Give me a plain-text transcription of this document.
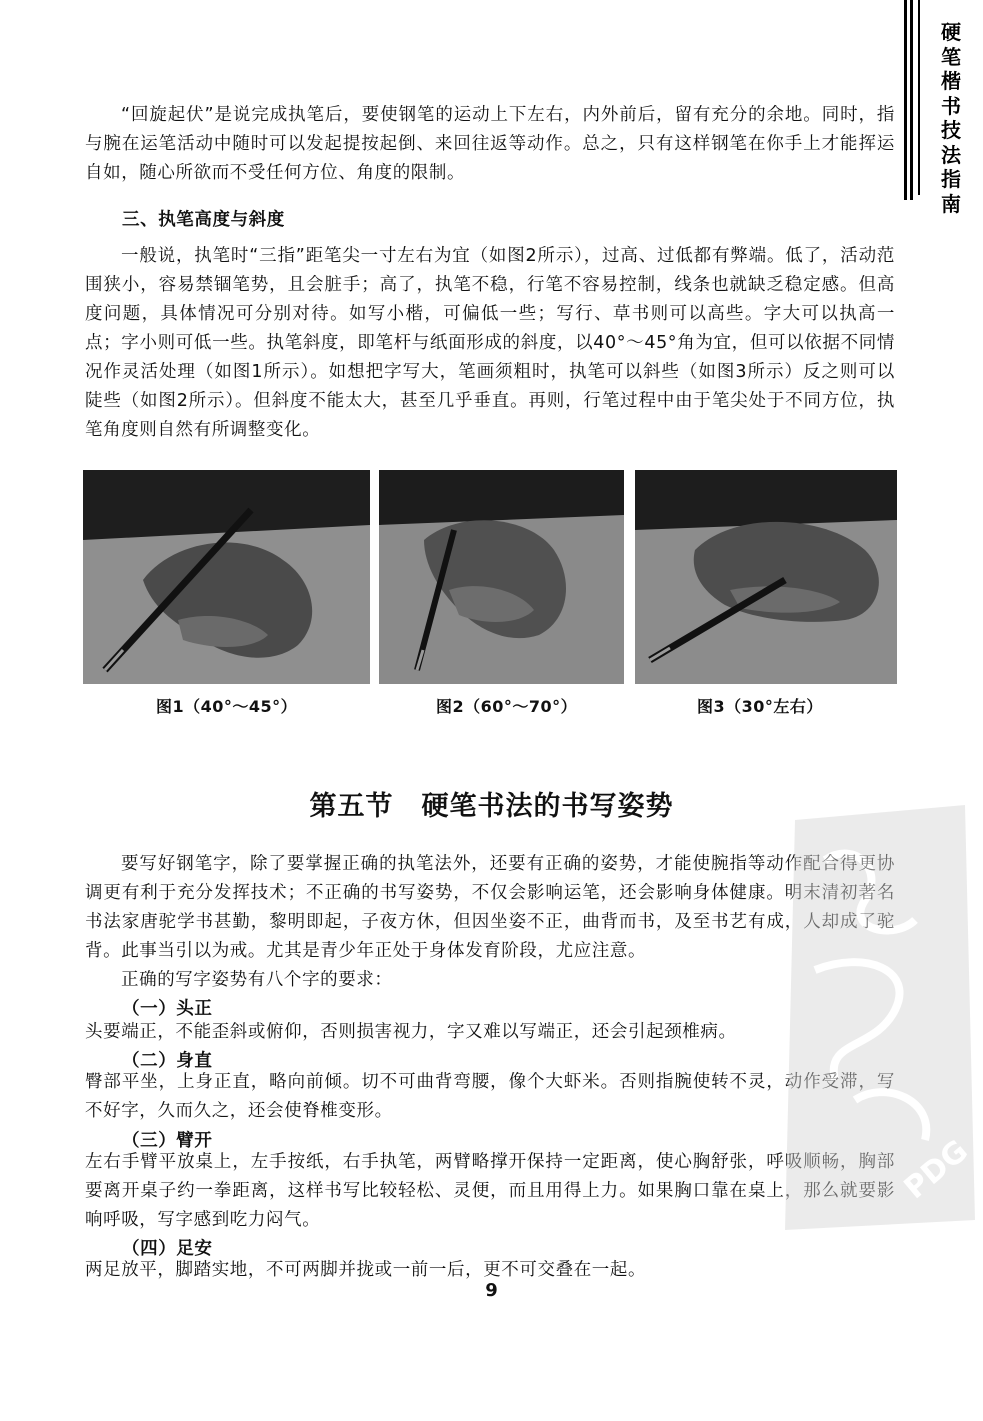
硬笔楷书技法指南

“回旋起伏”是说完成执笔后，要使钢笔的运动上下左右，内外前后，留有充分的余地。同时，指与腕在运笔活动中随时可以发起提按起倒、来回往返等动作。总之，只有这样钢笔在你手上才能挥运自如，随心所欲而不受任何方位、角度的限制。

三、执笔高度与斜度

一般说，执笔时“三指”距笔尖一寸左右为宜（如图2所示），过高、过低都有弊端。低了，活动范围狭小，容易禁锢笔势，且会脏手；高了，执笔不稳，行笔不容易控制，线条也就缺乏稳定感。但高度问题，具体情况可分别对待。如写小楷，可偏低一些；写行、草书则可以高些。字大可以执高一点；字小则可低一些。执笔斜度，即笔杆与纸面形成的斜度，以40°～45°角为宜，但可以依据不同情况作灵活处理（如图1所示）。如想把字写大，笔画须粗时，执笔可以斜些（如图3所示）反之则可以陡些（如图2所示）。但斜度不能太大，甚至几乎垂直。再则，行笔过程中由于笔尖处于不同方位，执笔角度则自然有所调整变化。

图1（40°～45°）	图2（60°～70°）	图3（30°左右）
第五节　硬笔书法的书写姿势

要写好钢笔字，除了要掌握正确的执笔法外，还要有正确的姿势，才能使腕指等动作配合得更协调更有利于充分发挥技术；不正确的书写姿势，不仅会影响运笔，还会影响身体健康。明末清初著名书法家唐驼学书甚勤，黎明即起，子夜方休，但因坐姿不正，曲背而书，及至书艺有成，人却成了驼背。此事当引以为戒。尤其是青少年正处于身体发育阶段，尤应注意。

正确的写字姿势有八个字的要求：

（一）头正

头要端正，不能歪斜或俯仰，否则损害视力，字又难以写端正，还会引起颈椎病。

（二）身直

臀部平坐，上身正直，略向前倾。切不可曲背弯腰，像个大虾米。否则指腕使转不灵，动作受滞，写不好字，久而久之，还会使脊椎变形。

（三）臂开

左右手臂平放桌上，左手按纸，右手执笔，两臂略撑开保持一定距离，使心胸舒张，呼吸顺畅，胸部要离开桌子约一拳距离，这样书写比较轻松、灵便，而且用得上力。如果胸口靠在桌上，那么就要影响呼吸，写字感到吃力闷气。

（四）足安

两足放平，脚踏实地，不可两脚并拢或一前一后，更不可交叠在一起。

PDG
9
